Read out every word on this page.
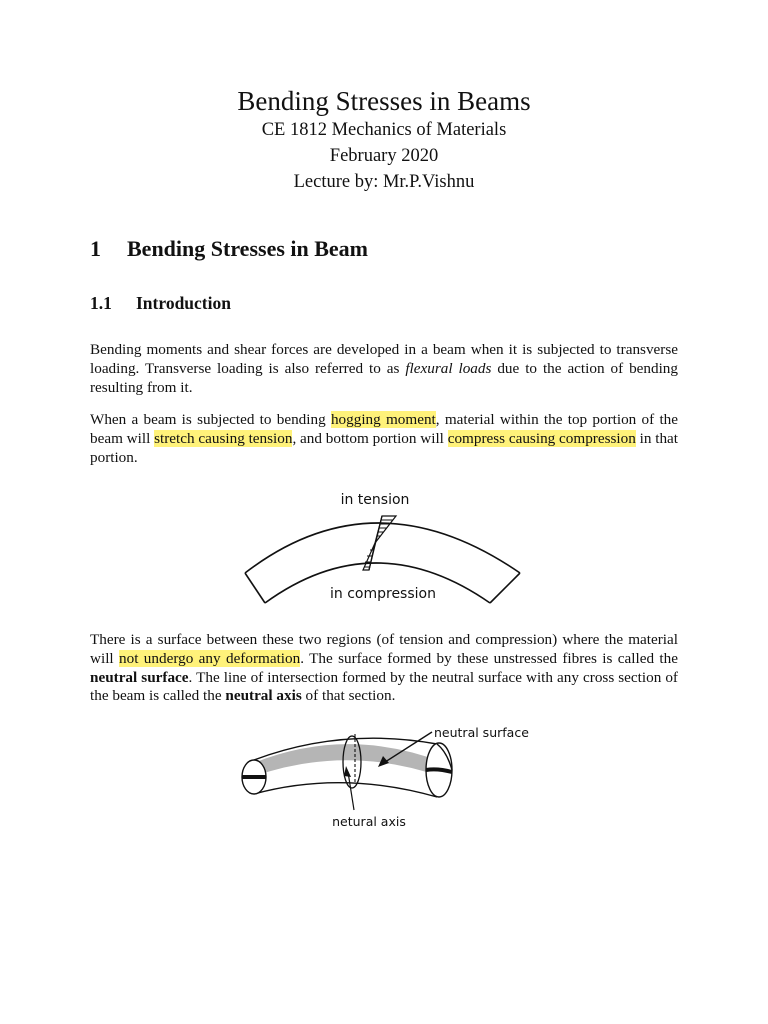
Bending Stresses in Beams
CE 1812 Mechanics of Materials
February 2020
Lecture by: Mr.P.Vishnu
1 Bending Stresses in Beam
1.1 Introduction
Bending moments and shear forces are developed in a beam when it is subjected to transverse loading. Transverse loading is also referred to as flexural loads due to the action of bending resulting from it.
When a beam is subjected to bending hogging moment, material within the top portion of the beam will stretch causing tension, and bottom portion will compress causing compression in that portion.
in tension
in compression
There is a surface between these two regions (of tension and compression) where the material will not undergo any deformation. The surface formed by these unstressed fibres is called the neutral surface. The line of intersection formed by the neutral surface with any cross section of the beam is called the neutral axis of that section.
neutral surface
netural axis
